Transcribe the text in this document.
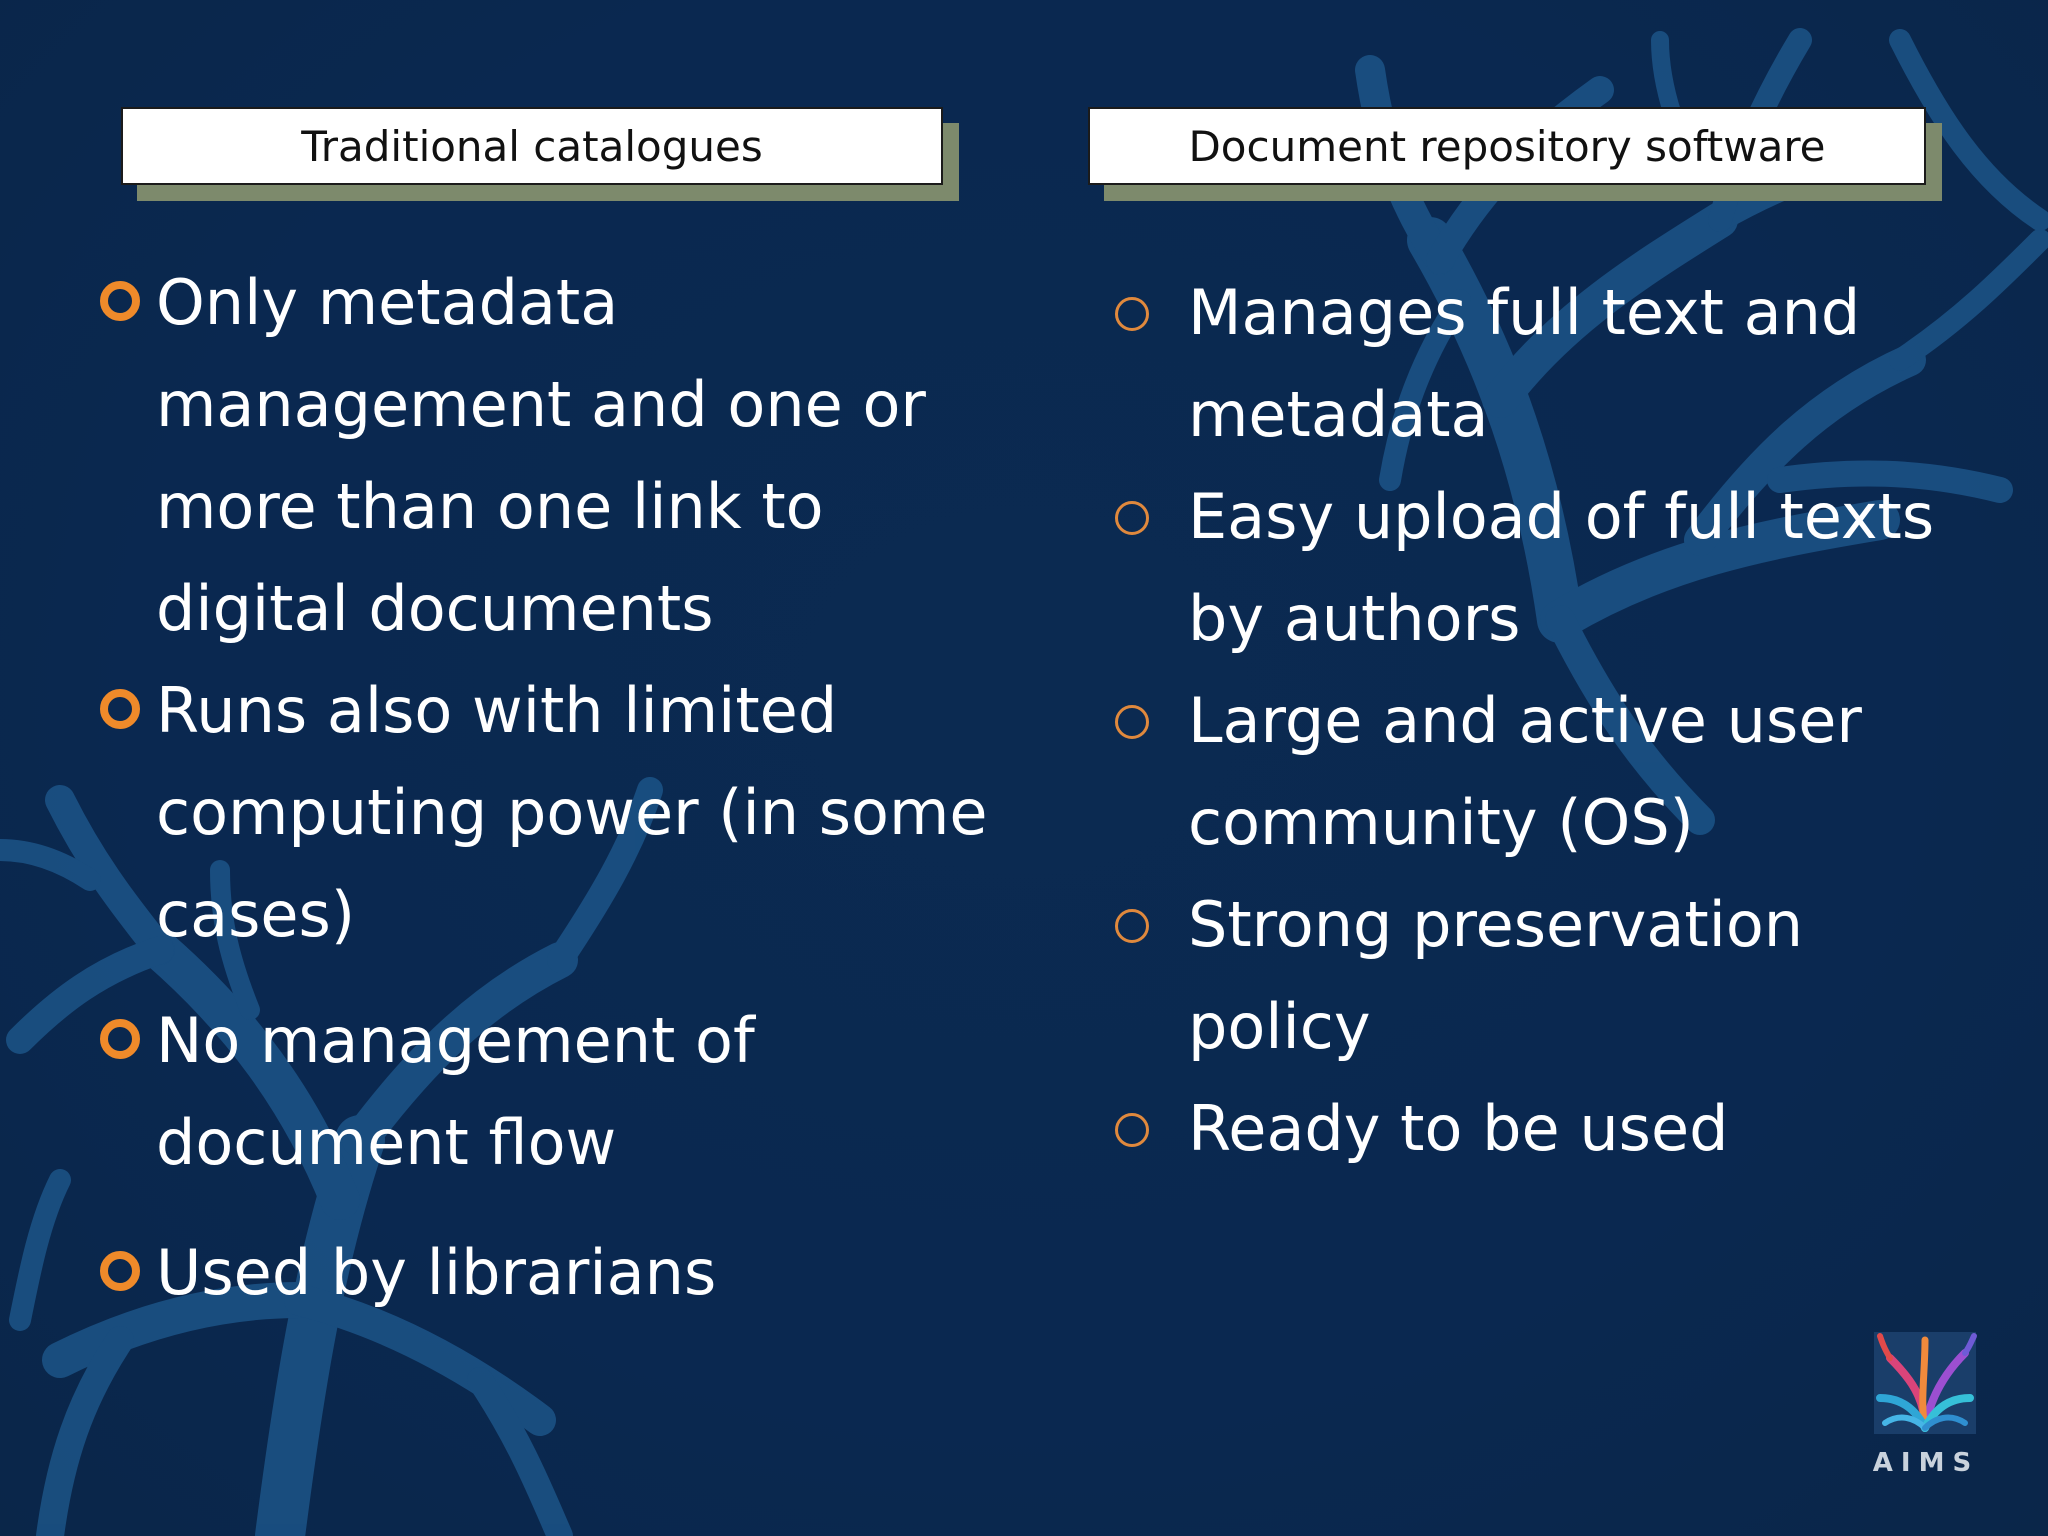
Traditional catalogues	Document repository software
Only metadata management and one or more than one link to digital documents
Runs also with limited computing power (in some cases)
No management of document flow
Used by librarians
Manages full text and metadata
Easy upload of full texts by authors
Large and active user community (OS)
Strong preservation policy
Ready to be used
AIMS
